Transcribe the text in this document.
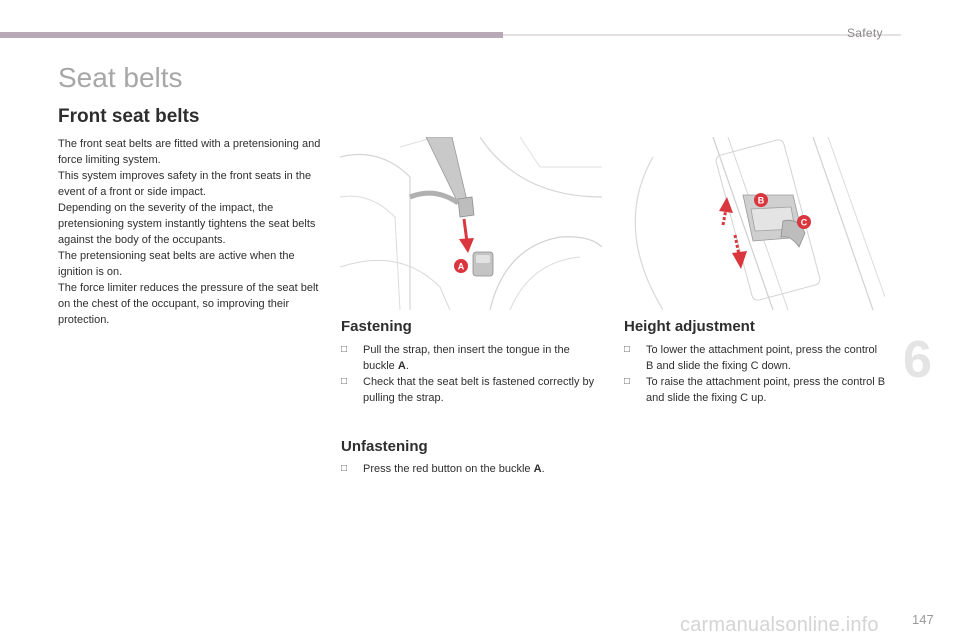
Safety
Seat belts
Front seat belts

The front seat belts are fitted with a pretensioning and force limiting system.

This system improves safety in the front seats in the event of a front or side impact.

Depending on the severity of the impact, the pretensioning system instantly tightens the seat belts against the body of the occupants.

The pretensioning seat belts are active when the ignition is on.

The force limiter reduces the pressure of the seat belt on the chest of the occupant, so improving their protection.

A
B
C
Fastening
□ Pull the strap, then insert the tongue in the buckle A.
□ Check that the seat belt is fastened correctly by pulling the strap.
Unfastening
□ Press the red button on the buckle A.
Height adjustment
□ To lower the attachment point, press the control B and slide the fixing C down.
□ To raise the attachment point, press the control B and slide the fixing C up.
6
carmanualsonline.info	147
